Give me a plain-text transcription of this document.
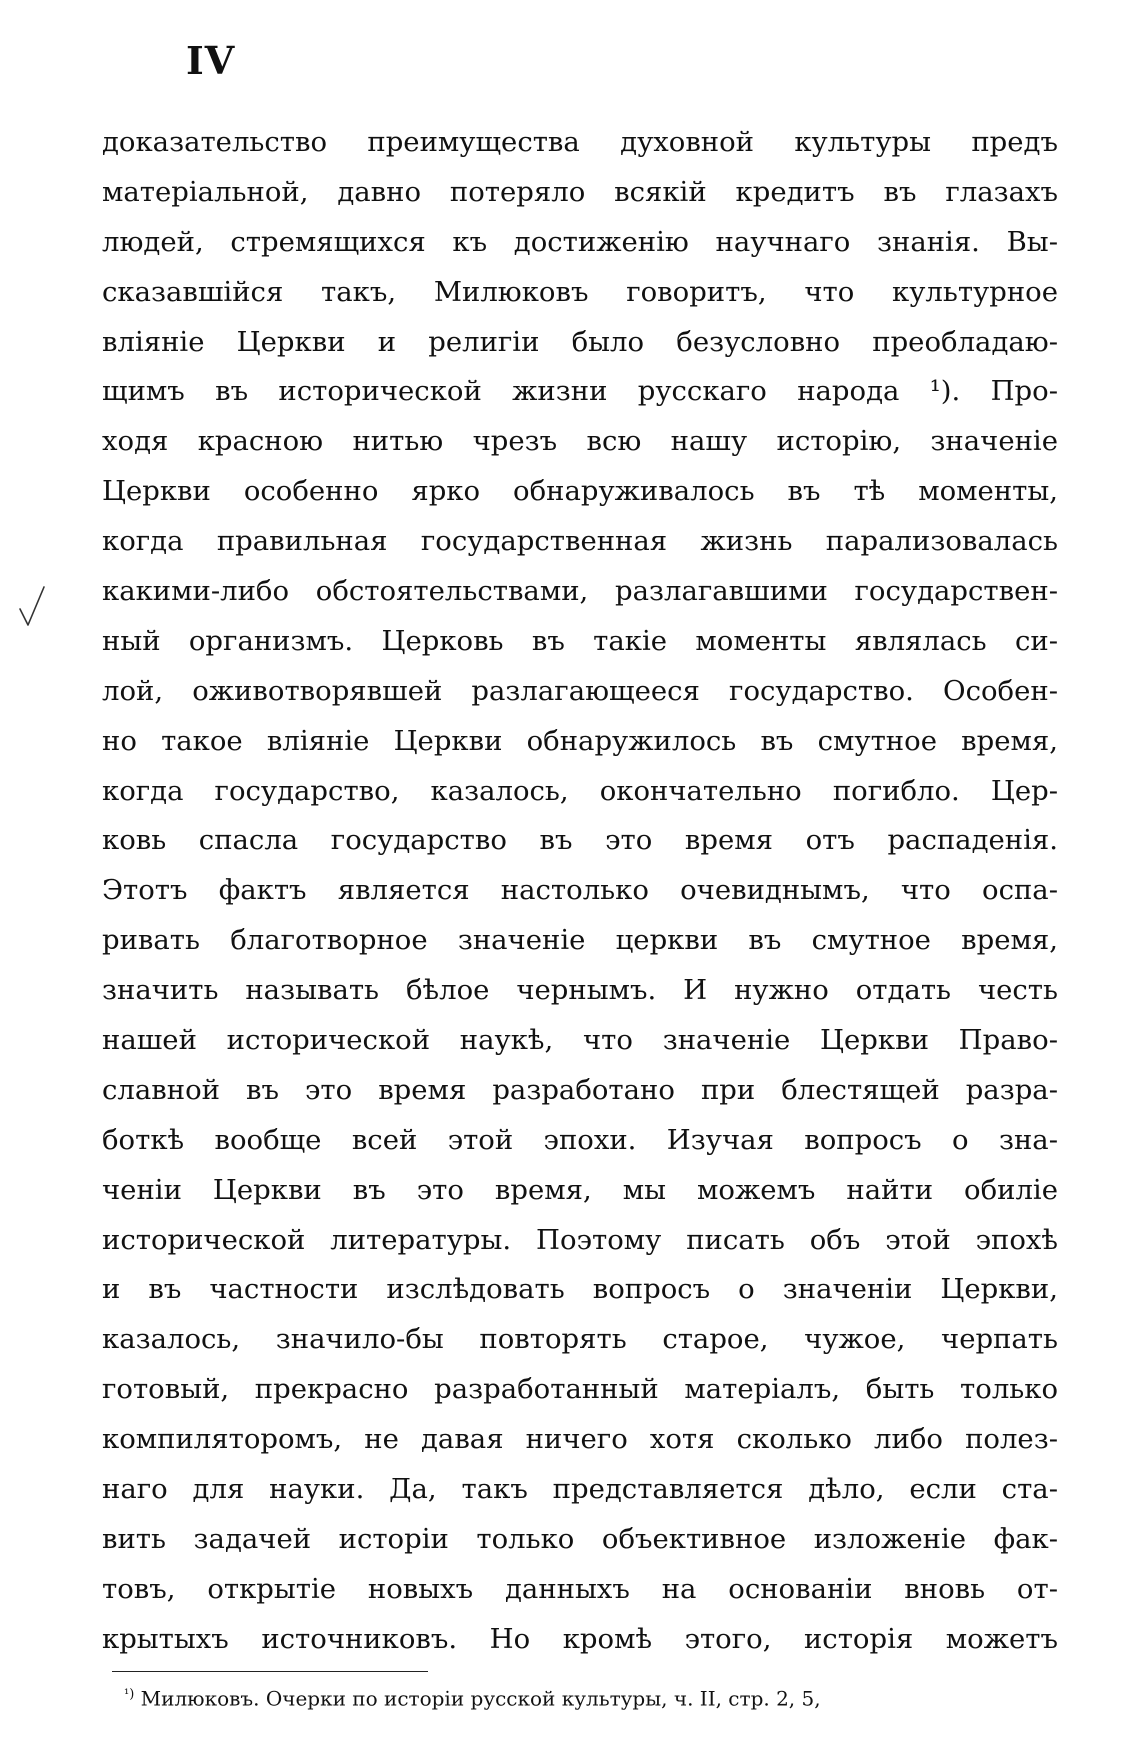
IV
доказательство преимущества духовной культуры предъ
матеріальной, давно потеряло всякій кредитъ въ глазахъ
людей, стремящихся къ достиженію научнаго знанія. Вы-
сказавшійся такъ, Милюковъ говоритъ, что культурное
вліяніе Церкви и религіи было безусловно преобладаю-
щимъ въ исторической жизни русскаго народа ¹). Про-
ходя красною нитью чрезъ всю нашу исторію, значеніе
Церкви особенно ярко обнаруживалось въ тѣ моменты,
когда правильная государственная жизнь парализовалась
какими-либо обстоятельствами, разлагавшими государствен-
ный организмъ. Церковь въ такіе моменты являлась си-
лой, оживотворявшей разлагающееся государство. Особен-
но такое вліяніе Церкви обнаружилось въ смутное время,
когда государство, казалось, окончательно погибло. Цер-
ковь спасла государство въ это время отъ распаденія.
Этотъ фактъ является настолько очевиднымъ, что оспа-
ривать благотворное значеніе церкви въ смутное время,
значить называть бѣлое чернымъ. И нужно отдать честь
нашей исторической наукѣ, что значеніе Церкви Право-
славной въ это время разработано при блестящей разра-
боткѣ вообще всей этой эпохи. Изучая вопросъ о зна-
ченіи Церкви въ это время, мы можемъ найти обиліе
исторической литературы. Поэтому писать объ этой эпохѣ
и въ частности изслѣдовать вопросъ о значеніи Церкви,
казалось, значило-бы повторять старое, чужое, черпать
готовый, прекрасно разработанный матеріалъ, быть только
компиляторомъ, не давая ничего хотя сколько либо полез-
наго для науки. Да, такъ представляется дѣло, если ста-
вить задачей исторіи только объективное изложеніе фак-
товъ, открытіе новыхъ данныхъ на основаніи вновь от-
крытыхъ источниковъ. Но кромѣ этого, исторія можетъ
$^{^1)}$ Милюковъ. Очерки по исторіи русской культуры, ч. II, стр. 2, 5,
